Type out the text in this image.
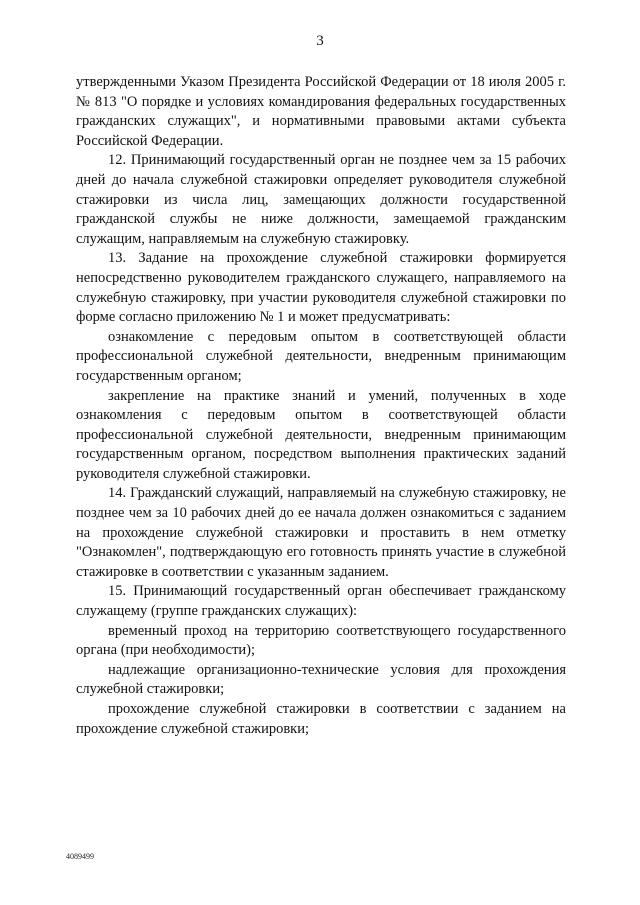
3

утвержденными Указом Президента Российской Федерации от 18 июля 2005 г. № 813 "О порядке и условиях командирования федеральных государственных гражданских служащих", и нормативными правовыми актами субъекта Российской Федерации.

12. Принимающий государственный орган не позднее чем за 15 рабочих дней до начала служебной стажировки определяет руководителя служебной стажировки из числа лиц, замещающих должности государственной гражданской службы не ниже должности, замещаемой гражданским служащим, направляемым на служебную стажировку.

13. Задание на прохождение служебной стажировки формируется непосредственно руководителем гражданского служащего, направляемого на служебную стажировку, при участии руководителя служебной стажировки по форме согласно приложению № 1 и может предусматривать:

ознакомление с передовым опытом в соответствующей области профессиональной служебной деятельности, внедренным принимающим государственным органом;

закрепление на практике знаний и умений, полученных в ходе ознакомления с передовым опытом в соответствующей области профессиональной служебной деятельности, внедренным принимающим государственным органом, посредством выполнения практических заданий руководителя служебной стажировки.

14. Гражданский служащий, направляемый на служебную стажировку, не позднее чем за 10 рабочих дней до ее начала должен ознакомиться с заданием на прохождение служебной стажировки и проставить в нем отметку "Ознакомлен", подтверждающую его готовность принять участие в служебной стажировке в соответствии с указанным заданием.

15. Принимающий государственный орган обеспечивает гражданскому служащему (группе гражданских служащих):

временный проход на территорию соответствующего государственного органа (при необходимости);

надлежащие организационно-технические условия для прохождения служебной стажировки;

прохождение служебной стажировки в соответствии с заданием на прохождение служебной стажировки;

4089499
